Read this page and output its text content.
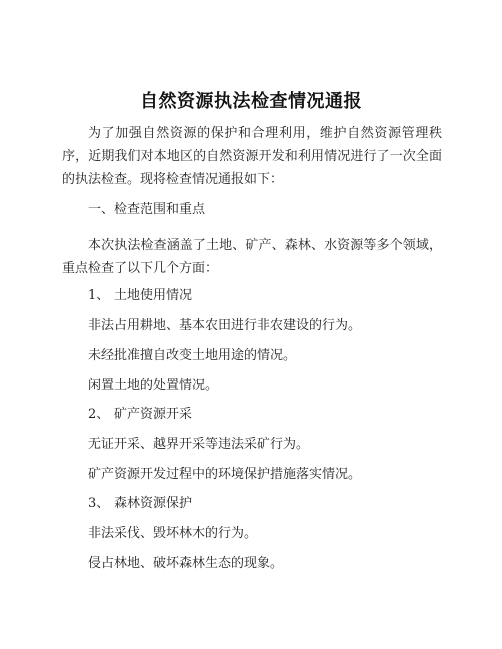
自然资源执法检查情况通报

为了加强自然资源的保护和合理利用，维护自然资源管理秩序，近期我们对本地区的自然资源开发和利用情况进行了一次全面的执法检查。现将检查情况通报如下：

一、检查范围和重点

本次执法检查涵盖了土地、矿产、森林、水资源等多个领域，重点检查了以下几个方面：

1、 土地使用情况

非法占用耕地、基本农田进行非农建设的行为。

未经批准擅自改变土地用途的情况。

闲置土地的处置情况。

2、 矿产资源开采

无证开采、越界开采等违法采矿行为。

矿产资源开发过程中的环境保护措施落实情况。

3、 森林资源保护

非法采伐、毁坏林木的行为。

侵占林地、破坏森林生态的现象。
